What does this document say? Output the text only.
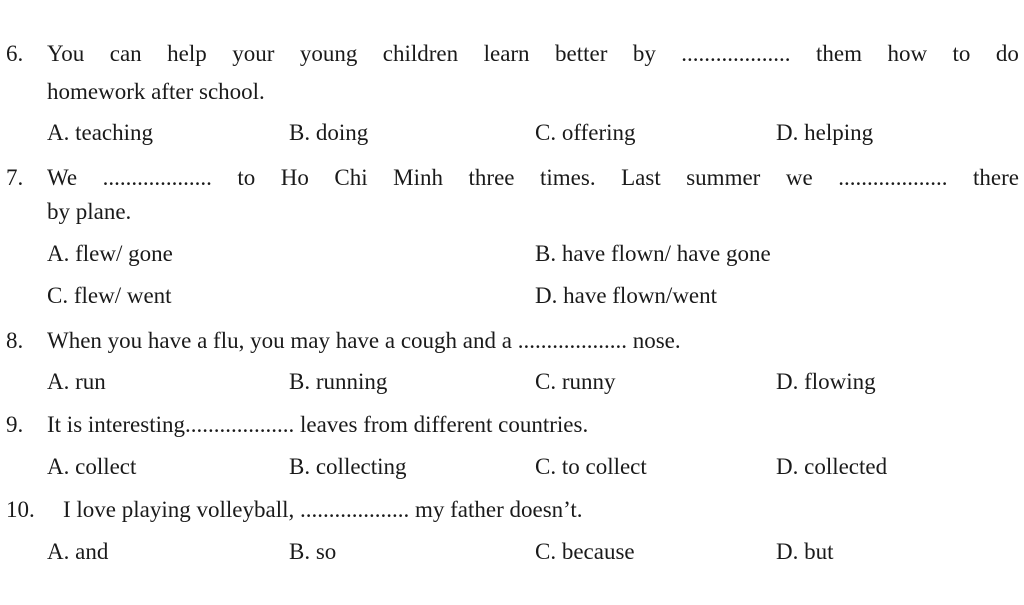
6. You can help your young children learn better by ................... them how to do
homework after school.
A. teaching	B. doing	C. offering	D. helping
7. We ................... to Ho Chi Minh three times. Last summer we ................... there
by plane.
A. flew/ gone	B. have flown/ have gone
C. flew/ went	D. have flown/went
8. When you have a flu, you may have a cough and a ................... nose.
A. run	B. running	C. runny	D. flowing
9. It is interesting................... leaves from different countries.
A. collect	B. collecting	C. to collect	D. collected
10. I love playing volleyball, ................... my father doesn’t.
A. and	B. so	C. because	D. but
